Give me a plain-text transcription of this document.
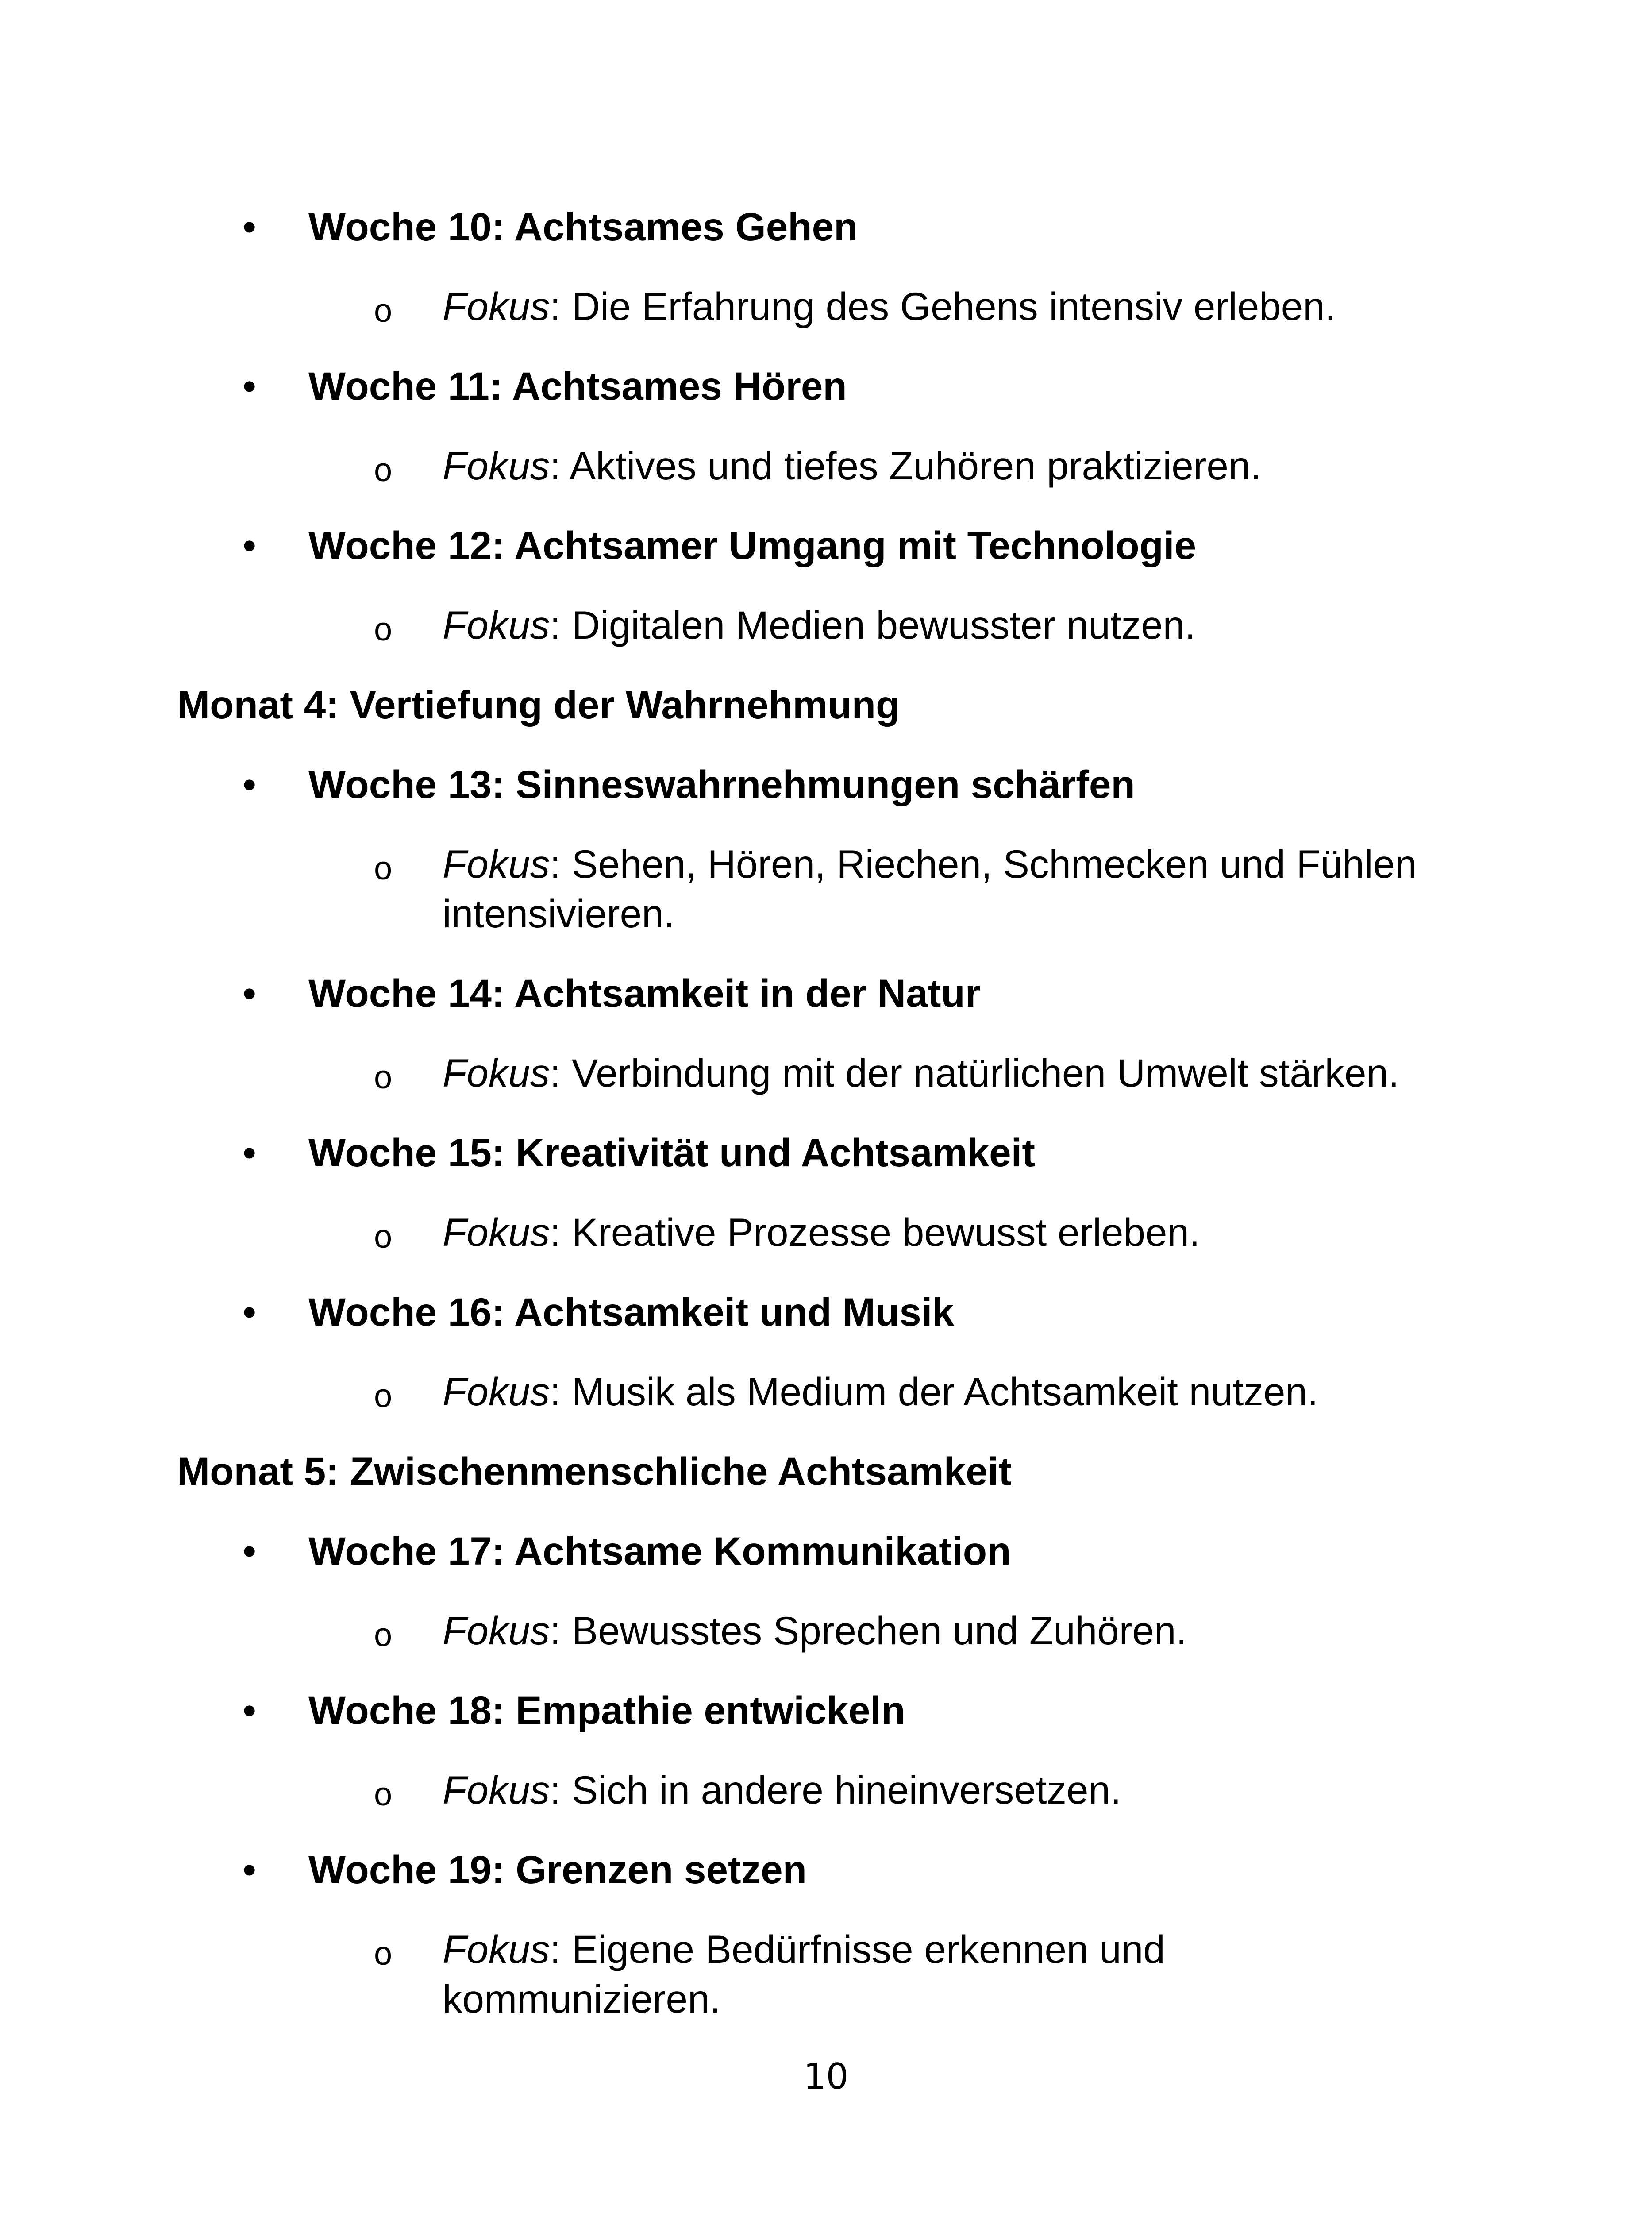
•
Woche 10: Achtsames Gehen
o
Fokus: Die Erfahrung des Gehens intensiv erleben.
•
Woche 11: Achtsames Hören
o
Fokus: Aktives und tiefes Zuhören praktizieren.
•
Woche 12: Achtsamer Umgang mit Technologie
o
Fokus: Digitalen Medien bewusster nutzen.
Monat 4: Vertiefung der Wahrnehmung
•
Woche 13: Sinneswahrnehmungen schärfen
o
Fokus: Sehen, Hören, Riechen, Schmecken und Fühlen
intensivieren.
•
Woche 14: Achtsamkeit in der Natur
o
Fokus: Verbindung mit der natürlichen Umwelt stärken.
•
Woche 15: Kreativität und Achtsamkeit
o
Fokus: Kreative Prozesse bewusst erleben.
•
Woche 16: Achtsamkeit und Musik
o
Fokus: Musik als Medium der Achtsamkeit nutzen.
Monat 5: Zwischenmenschliche Achtsamkeit
•
Woche 17: Achtsame Kommunikation
o
Fokus: Bewusstes Sprechen und Zuhören.
•
Woche 18: Empathie entwickeln
o
Fokus: Sich in andere hineinversetzen.
•
Woche 19: Grenzen setzen
o
Fokus: Eigene Bedürfnisse erkennen und
kommunizieren.
10
